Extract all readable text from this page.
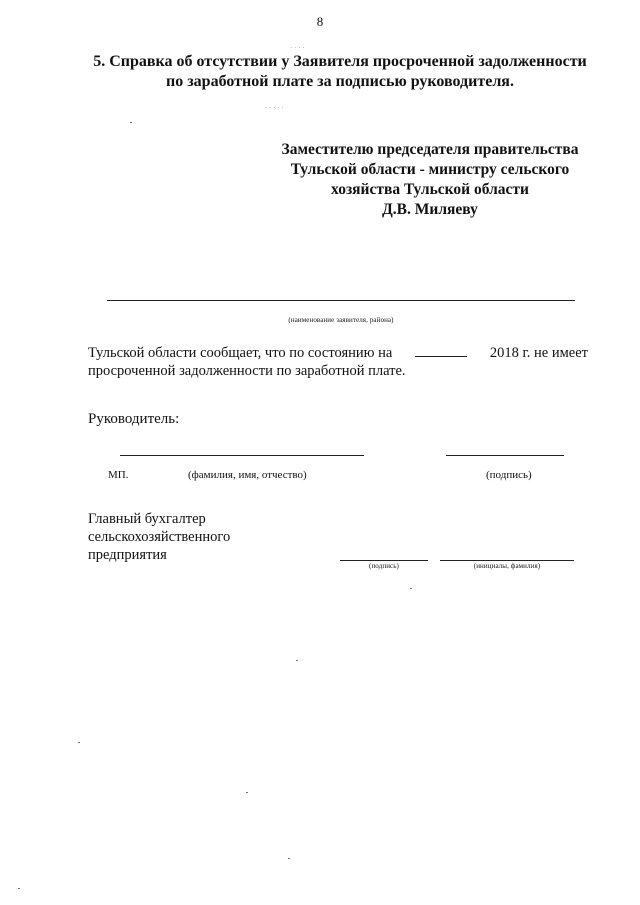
8
· · · ·
· · · · ·
5. Справка об отсутствии у Заявителя просроченной задолженности
по заработной плате за подписью руководителя.
Заместителю председателя правительства
Тульской области - министру сельского
хозяйства Тульской области
Д.В. Миляеву
(наименование заявителя, района)
Тульской области сообщает, что по состоянию на	2018 г. не имеет
просроченной задолженности по заработной плате.
Руководитель:
МП.	(фамилия, имя, отчество)	(подпись)
Главный бухгалтер
сельскохозяйственного
предприятия
(подпись)	(инициалы, фамилия)
